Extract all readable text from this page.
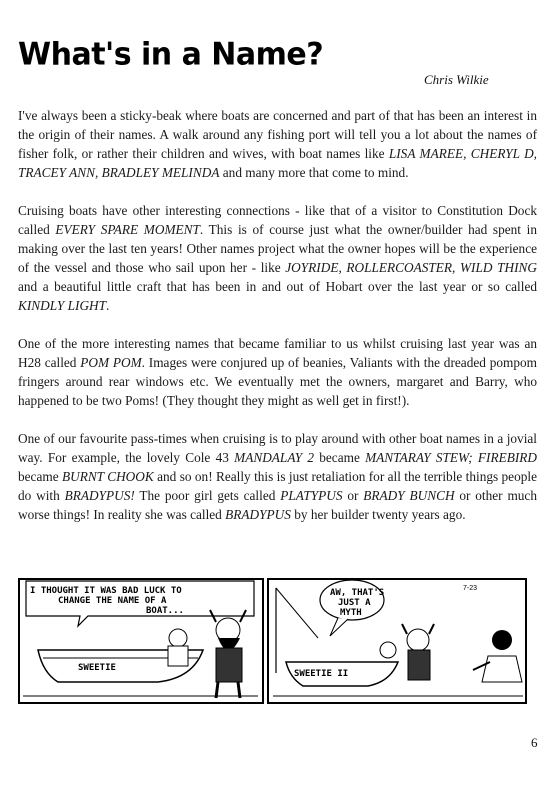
What's in a Name?
Chris Wilkie

I've always been a sticky-beak where boats are concerned and part of that has been an interest in the origin of their names. A walk around any fishing port will tell you a lot about the names of fisher folk, or rather their children and wives, with boat names like LISA MAREE, CHERYL D, TRACEY ANN, BRADLEY MELINDA and many more that come to mind.

Cruising boats have other interesting connections - like that of a visitor to Constitution Dock called EVERY SPARE MOMENT. This is of course just what the owner/builder had spent in making over the last ten years! Other names project what the owner hopes will be the experience of the vessel and those who sail upon her - like JOYRIDE, ROLLERCOASTER, WILD THING and a beautiful little craft that has been in and out of Hobart over the last year or so called KINDLY LIGHT.

One of the more interesting names that became familiar to us whilst cruising last year was an H28 called POM POM. Images were conjured up of beanies, Valiants with the dreaded pompom fringers around rear windows etc. We eventually met the owners, margaret and Barry, who happened to be two Poms! (They thought they might as well get in first!).

One of our favourite pass-times when cruising is to play around with other boat names in a jovial way. For example, the lovely Cole 43 MANDALAY 2 became MANTARAY STEW; FIREBIRD became BURNT CHOOK and so on! Really this is just retaliation for all the terrible things people do with BRADYPUS! The poor girl gets called PLATYPUS or BRADY BUNCH or other much worse things! In reality she was called BRADYPUS by her builder twenty years ago.

I THOUGHT IT WAS BAD LUCK TO
CHANGE THE NAME OF A
BOAT...
SWEETIE
7-23
AW, THAT'S
JUST A
MYTH
SWEETIE II
6
